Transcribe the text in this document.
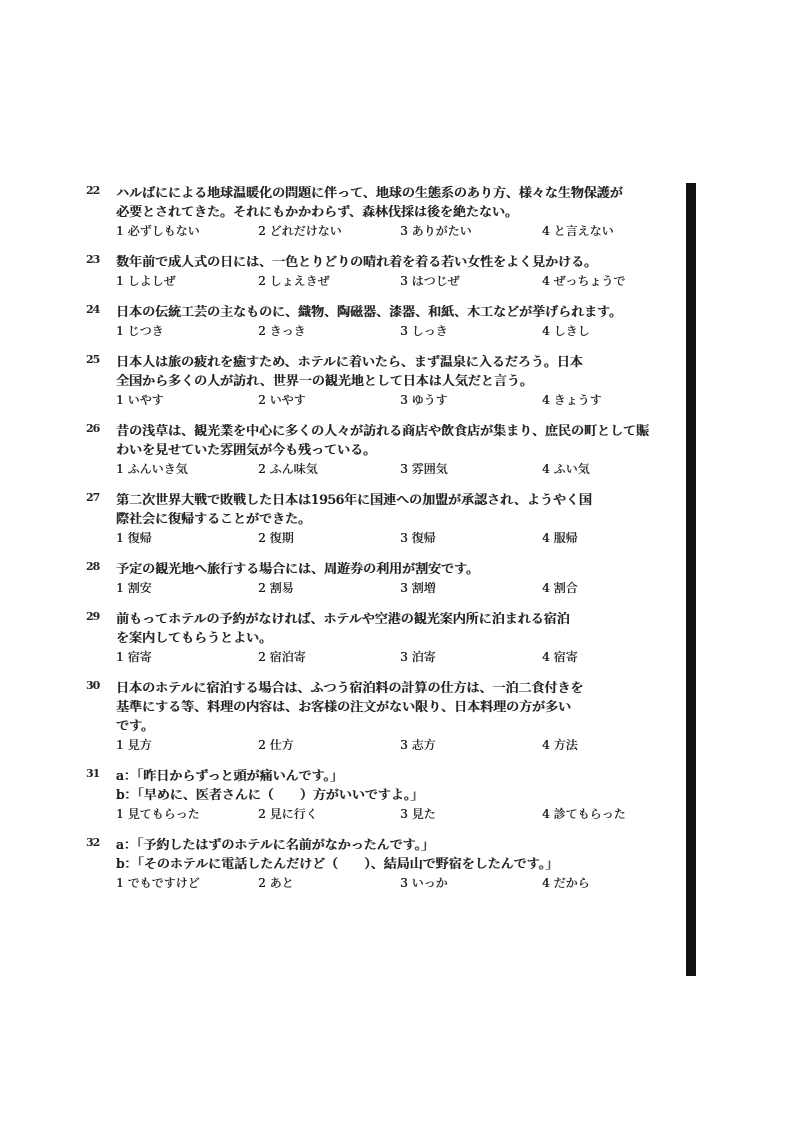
22	ハルばにによる地球温暖化の問題に伴って、地球の生態系のあり方、様々な生物保護が
必要とされてきた。それにもかかわらず、森林伐採は後を絶たない。
1 必ずしもない	2 どれだけない	3 ありがたい	4 と言えない
23	数年前で成人式の日には、一色とりどりの晴れ着を着る若い女性をよく見かける。
1 しよしぜ	2 しょえきぜ	3 はつじぜ	4 ぜっちょうで
24	日本の伝統工芸の主なものに、織物、陶磁器、漆器、和紙、木工などが挙げられます。
1 じつき	2 きっき	3 しっき	4 しきし
25	日本人は旅の疲れを癒すため、ホテルに着いたら、まず温泉に入るだろう。日本
全国から多くの人が訪れ、世界一の観光地として日本は人気だと言う。
1 いやす	2 いやす	3 ゆうす	4 きょうす
26	昔の浅草は、観光業を中心に多くの人々が訪れる商店や飲食店が集まり、庶民の町として賑
わいを見せていた雰囲気が今も残っている。
1 ふんいき気	2 ふん味気	3 雰囲気	4 ふい気
27	第二次世界大戦で敗戦した日本は1956年に国連への加盟が承認され、ようやく国
際社会に復帰することができた。
1 復帰	2 復期	3 復帰	4 服帰
28	予定の観光地へ旅行する場合には、周遊券の利用が割安です。
1 割安	2 割易	3 割増	4 割合
29	前もってホテルの予約がなければ、ホテルや空港の観光案内所に泊まれる宿泊
を案内してもらうとよい。
1 宿寄	2 宿泊寄	3 泊寄	4 宿寄
30	日本のホテルに宿泊する場合は、ふつう宿泊料の計算の仕方は、一泊二食付きを
基準にする等、料理の内容は、お客様の注文がない限り、日本料理の方が多い
です。
1 見方	2 仕方	3 志方	4 方法
31	a：「昨日からずっと頭が痛いんです。」
b：「早めに、医者さんに（　　）方がいいですよ。」
1 見てもらった	2 見に行く	3 見た	4 診てもらった
32	a：「予約したはずのホテルに名前がなかったんです。」
b：「そのホテルに電話したんだけど（　　）、結局山で野宿をしたんです。」
1 でもですけど	2 あと	3 いっか	4 だから
